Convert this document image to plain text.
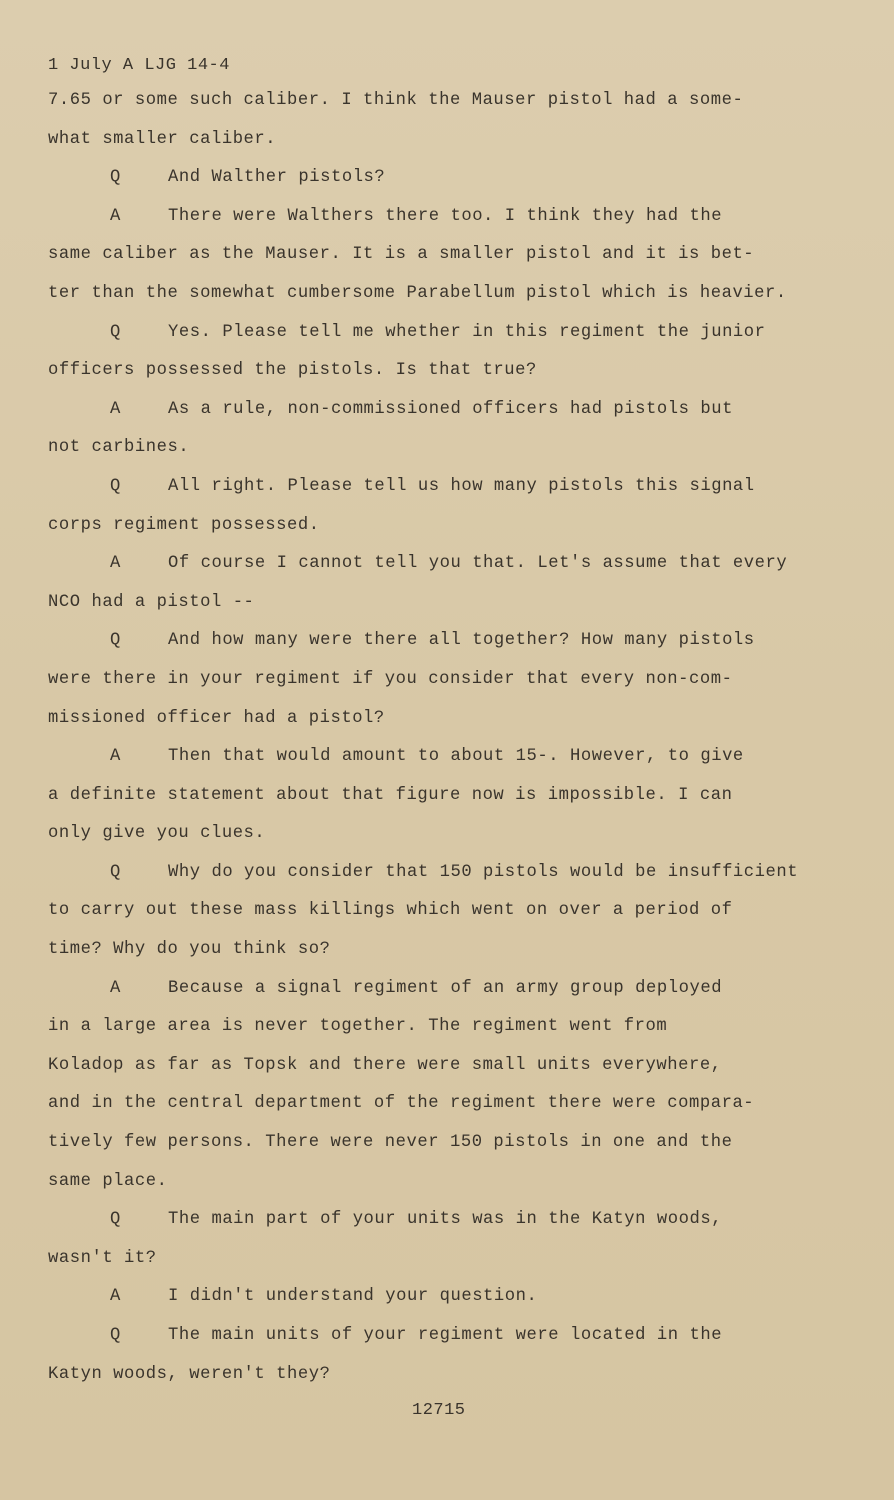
1 July A LJG 14-4
7.65 or some such caliber. I think the Mauser pistol had a some-
what smaller caliber.
Q	And Walther pistols?
A	There were Walthers there too. I think they had the
same caliber as the Mauser. It is a smaller pistol and it is bet-
ter than the somewhat cumbersome Parabellum pistol which is heavier.
Q	Yes. Please tell me whether in this regiment the junior
officers possessed the pistols. Is that true?
A	As a rule, non-commissioned officers had pistols but
not carbines.
Q	All right. Please tell us how many pistols this signal
corps regiment possessed.
A	Of course I cannot tell you that. Let's assume that every
NCO had a pistol --
Q	And how many were there all together? How many pistols
were there in your regiment if you consider that every non-com-
missioned officer had a pistol?
A	Then that would amount to about 15-. However, to give
a definite statement about that figure now is impossible. I can
only give you clues.
Q	Why do you consider that 150 pistols would be insufficient
to carry out these mass killings which went on over a period of
time? Why do you think so?
A	Because a signal regiment of an army group deployed
in a large area is never together. The regiment went from
Koladop as far as Topsk and there were small units everywhere,
and in the central department of the regiment there were compara-
tively few persons. There were never 150 pistols in one and the
same place.
Q	The main part of your units was in the Katyn woods,
wasn't it?
A	I didn't understand your question.
Q	The main units of your regiment were located in the
Katyn woods, weren't they?
12715
